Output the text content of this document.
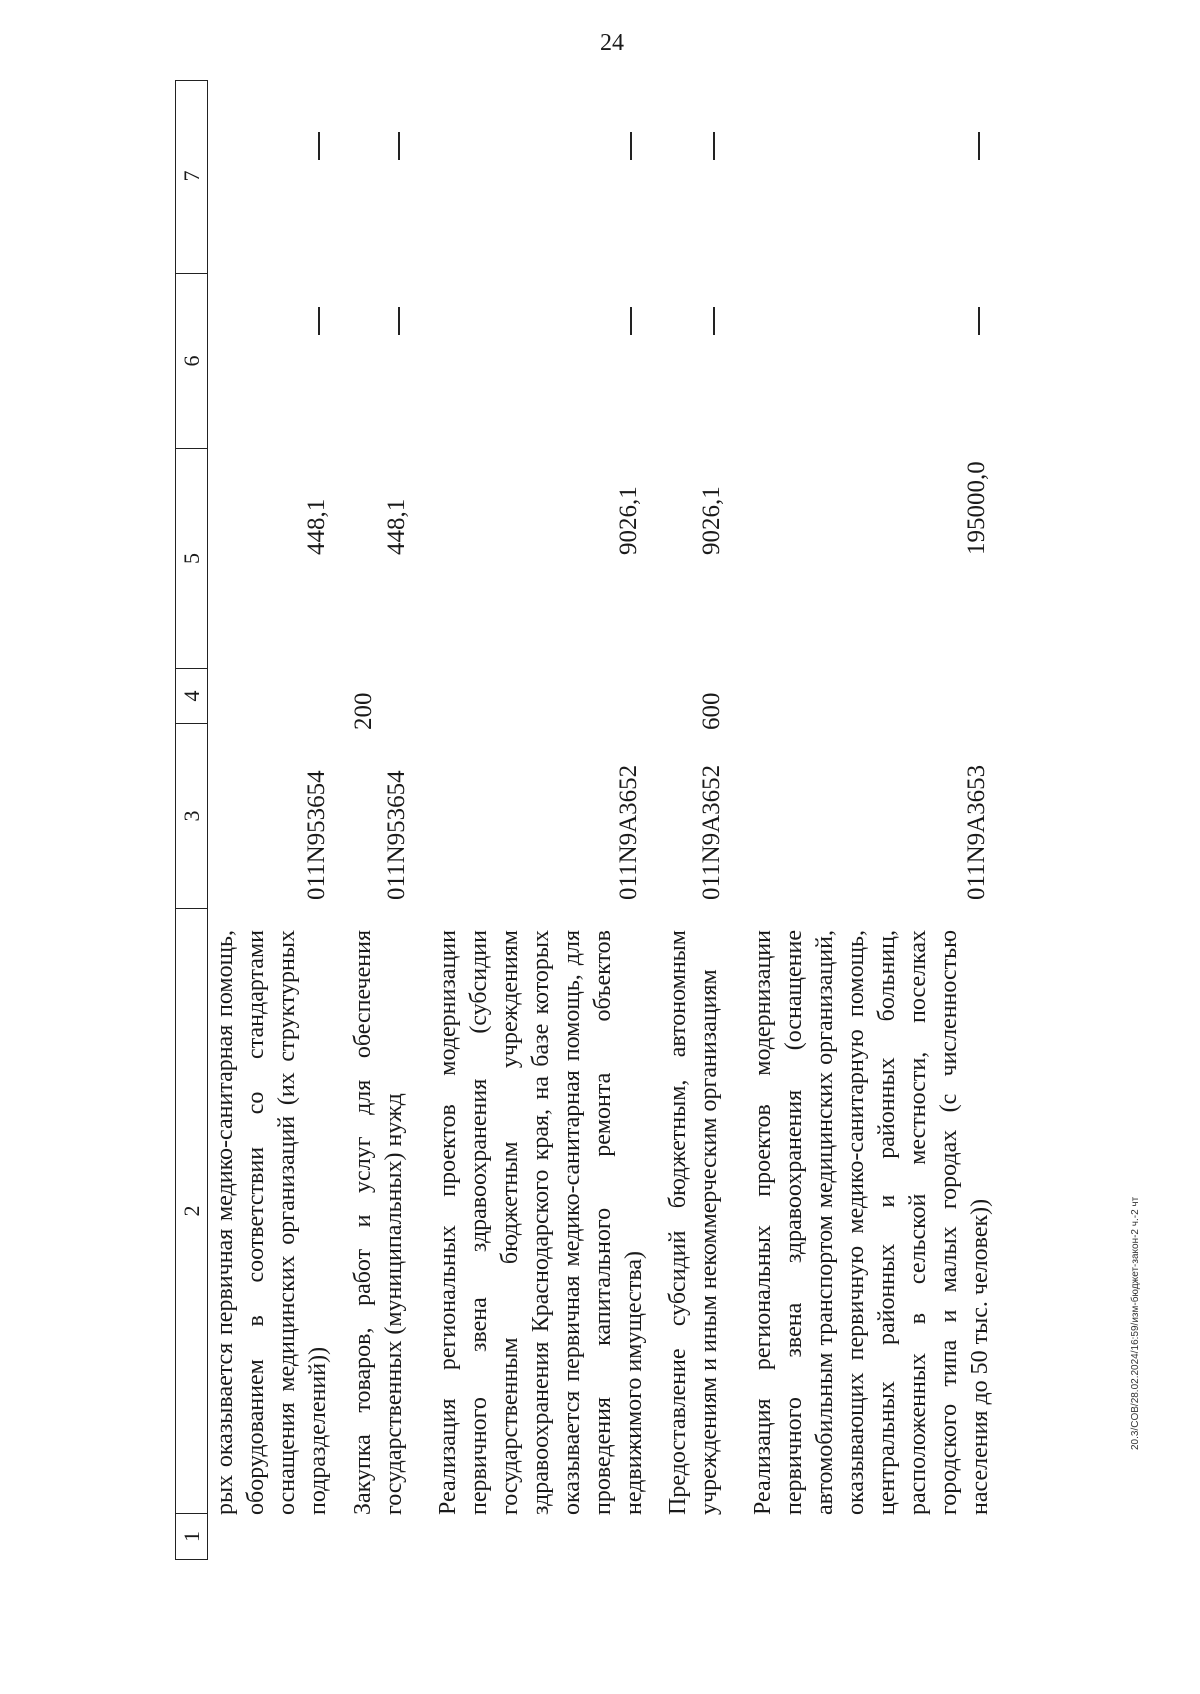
24
1
2
3
4
5
6
7
рых оказывается первичная медико-санитарная помощь, оборудованием в соответствии со стандартами оснащения медицинских организаций (их структурных подразделений))
011N953654
448,1
Закупка товаров, работ и услуг для обеспечения государственных (муниципальных) нужд
011N953654
200
448,1
Реализация региональных проектов модернизации первичного звена здравоохранения (субсидии государственным бюджетным учреждениям здравоохранения Краснодарского края, на базе которых оказывается первичная медико-санитарная помощь, для проведения капитального ремонта объектов недвижимого имущества)
011N9A3652
9026,1
Предоставление субсидий бюджетным, автономным учреждениям и иным некоммерческим организациям
011N9A3652
600
9026,1
Реализация региональных проектов модернизации первичного звена здравоохранения (оснащение автомобильным транспортом медицинских организаций, оказывающих первичную медико-санитарную помощь, центральных районных и районных больниц, расположенных в сельской местности, поселках городского типа и малых городах (с численностью населения до 50 тыс. человек))
011N9A3653
195000,0
20.3/COB/28.02.2024/16:59/изм-бюджет-закон-2 ч.-2 чт
